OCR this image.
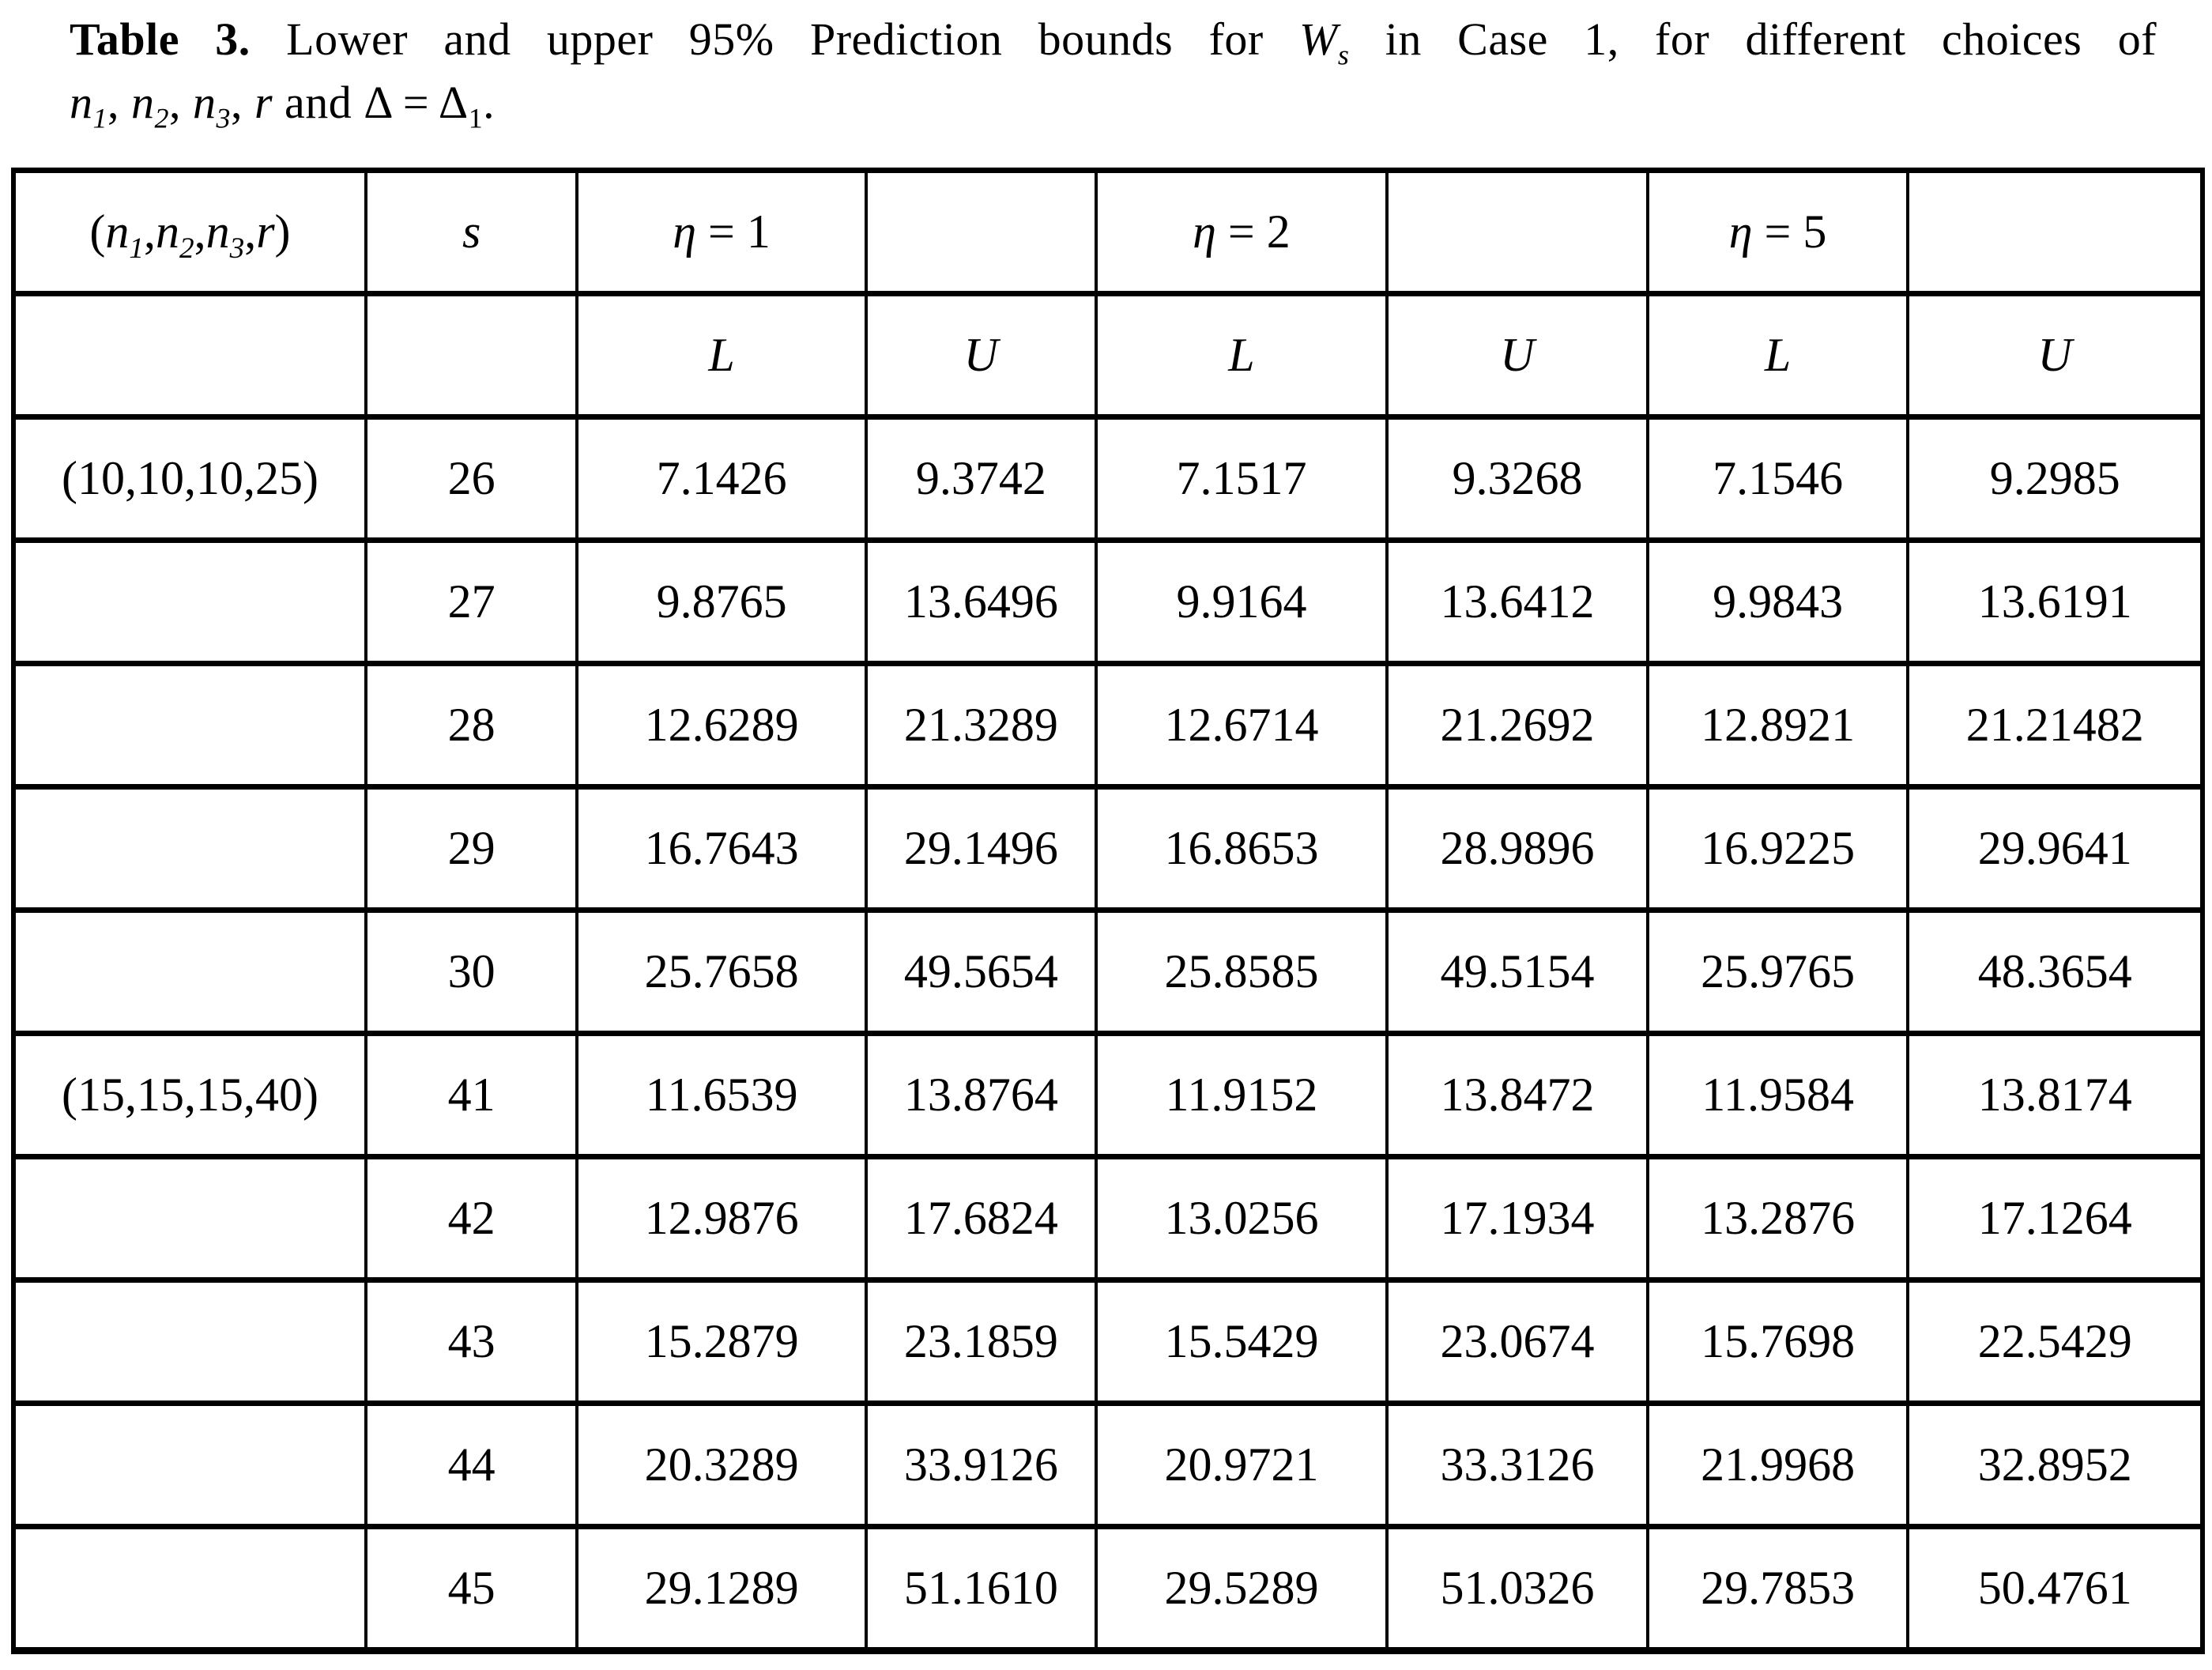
Table 3. Lower and upper 95% Prediction bounds for $W_s$ in Case 1, for different choices of
$n_1$, $n_2$, $n_3$, r and $\Delta = \Delta_1$.
$(n_1,n_2,n_3,r)$	s	η = 1		η = 2		η = 5	
		L	U	L	U	L	U
(10,10,10,25)	26	7.1426	9.3742	7.1517	9.3268	7.1546	9.2985
	27	9.8765	13.6496	9.9164	13.6412	9.9843	13.6191
	28	12.6289	21.3289	12.6714	21.2692	12.8921	21.21482
	29	16.7643	29.1496	16.8653	28.9896	16.9225	29.9641
	30	25.7658	49.5654	25.8585	49.5154	25.9765	48.3654
(15,15,15,40)	41	11.6539	13.8764	11.9152	13.8472	11.9584	13.8174
	42	12.9876	17.6824	13.0256	17.1934	13.2876	17.1264
	43	15.2879	23.1859	15.5429	23.0674	15.7698	22.5429
	44	20.3289	33.9126	20.9721	33.3126	21.9968	32.8952
	45	29.1289	51.1610	29.5289	51.0326	29.7853	50.4761
